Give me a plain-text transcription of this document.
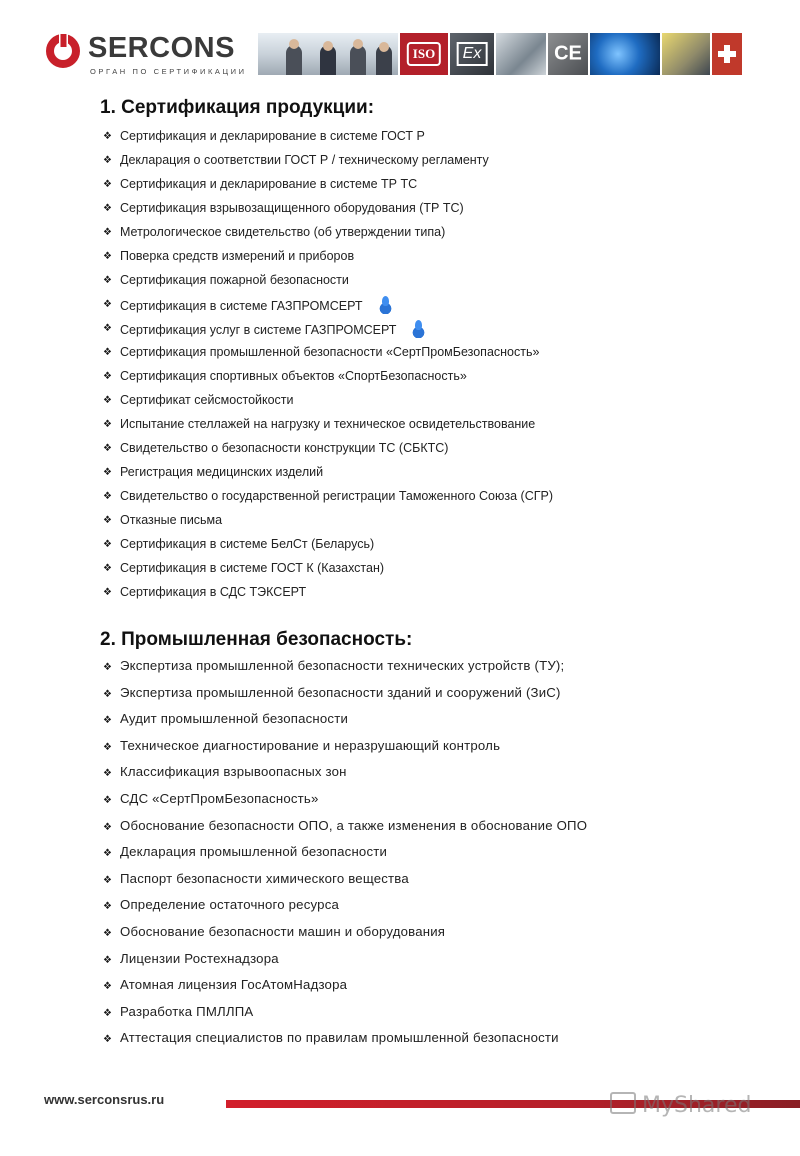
SERCONS
ОРГАН ПО СЕРТИФИКАЦИИ
ISO	Ex	CE
1. Сертификация продукции:
❖ Сертификация и декларирование в системе ГОСТ Р
❖ Декларация о соответствии ГОСТ Р / техническому регламенту
❖ Сертификация и декларирование в системе ТР ТС
❖ Сертификация взрывозащищенного оборудования (ТР ТС)
❖ Метрологическое свидетельство (об утверждении типа)
❖ Поверка средств измерений и приборов
❖ Сертификация пожарной безопасности
❖ Сертификация в системе ГАЗПРОМСЕРТ
❖ Сертификация услуг в системе ГАЗПРОМСЕРТ
❖ Сертификация промышленной безопасности «СертПромБезопасность»
❖ Сертификация спортивных объектов «СпортБезопасность»
❖ Сертификат сейсмостойкости
❖ Испытание стеллажей на нагрузку и техническое освидетельствование
❖ Свидетельство о безопасности конструкции ТС (СБКТС)
❖ Регистрация медицинских изделий
❖ Свидетельство о государственной регистрации Таможенного Союза (СГР)
❖ Отказные письма
❖ Сертификация в системе БелСт (Беларусь)
❖ Сертификация в системе ГОСТ К (Казахстан)
❖ Сертификация в СДС ТЭКСЕРТ
2. Промышленная безопасность:
❖ Экспертиза промышленной безопасности технических устройств (ТУ);
❖ Экспертиза промышленной безопасности зданий и сооружений (ЗиС)
❖ Аудит промышленной безопасности
❖ Техническое диагностирование и неразрушающий контроль
❖ Классификация взрывоопасных зон
❖ СДС «СертПромБезопасность»
❖ Обоснование безопасности ОПО, а также изменения в обоснование ОПО
❖ Декларация промышленной безопасности
❖ Паспорт безопасности химического вещества
❖ Определение остаточного ресурса
❖ Обоснование безопасности машин и оборудования
❖ Лицензии Ростехнадзора
❖ Атомная лицензия ГосАтомНадзора
❖ Разработка ПМЛЛПА
❖ Аттестация специалистов по правилам промышленной безопасности
www.serconsrus.ru	MyShared
